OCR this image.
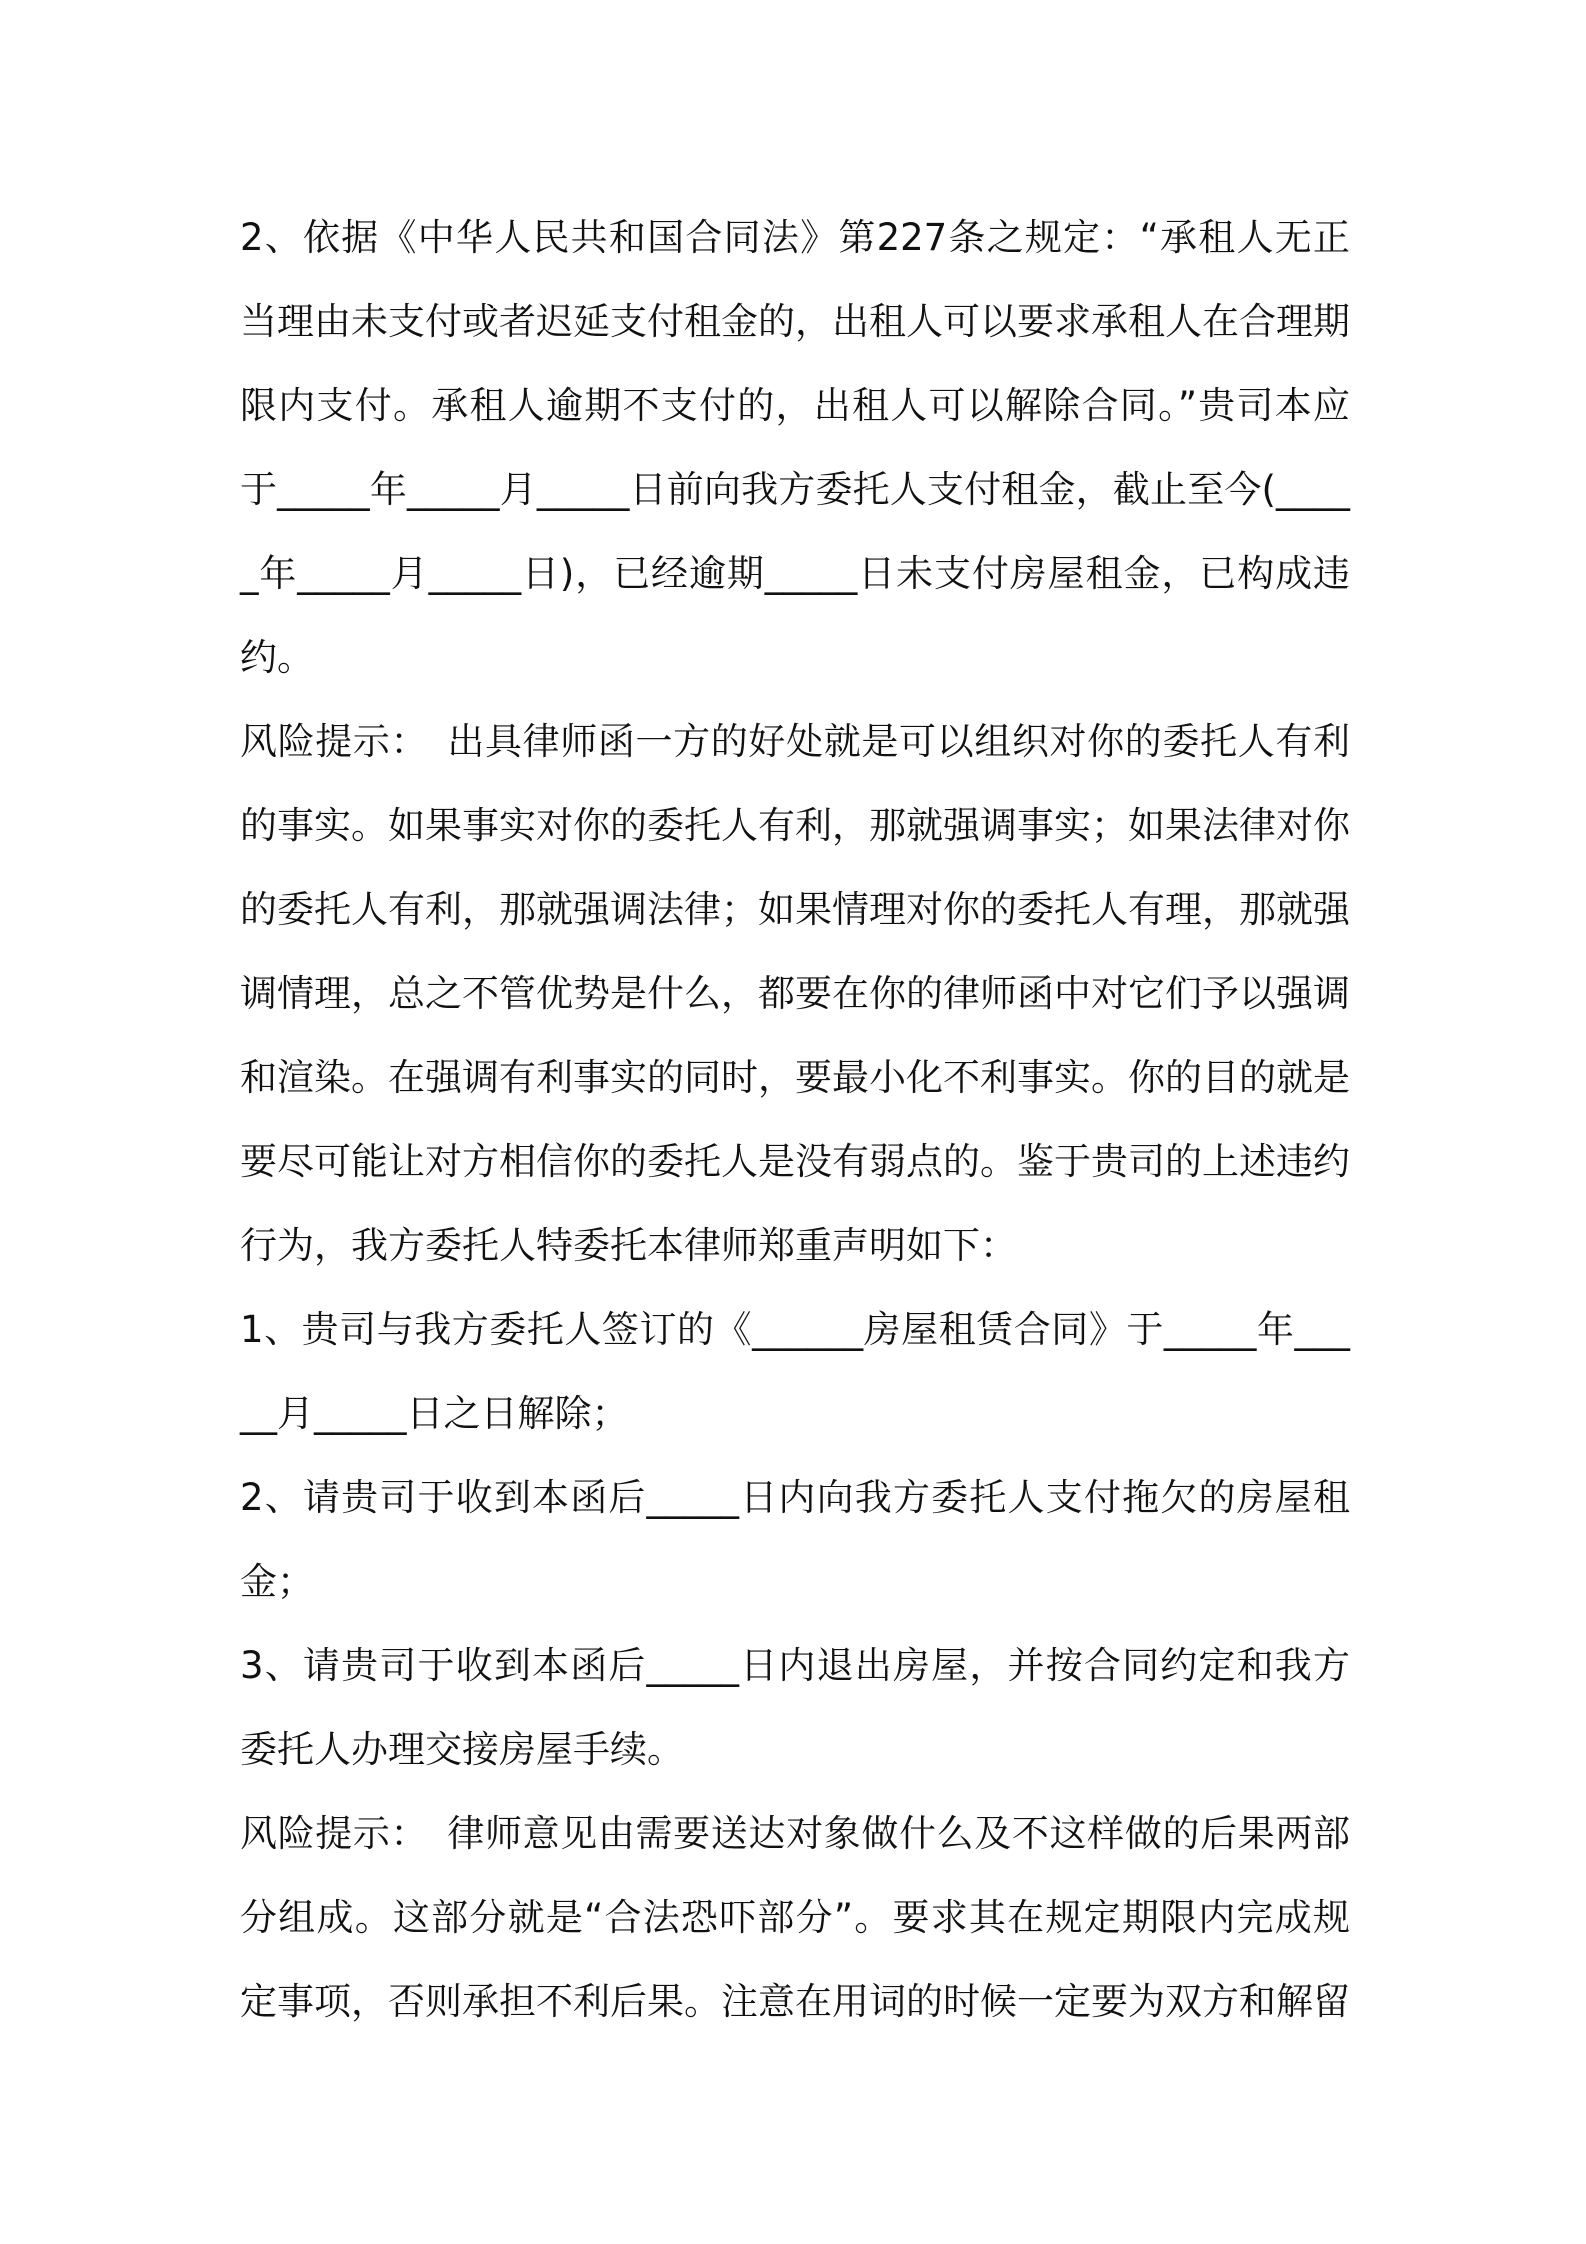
2、依据《中华人民共和国合同法》第227条之规定：“承租人无正当理由未支付或者迟延支付租金的，出租人可以要求承租人在合理期限内支付。承租人逾期不支付的，出租人可以解除合同。”贵司本应于_____年_____月_____日前向我方委托人支付租金，截止至今(_____年_____月_____日)，已经逾期_____日未支付房屋租金，已构成违约。

风险提示：　出具律师函一方的好处就是可以组织对你的委托人有利的事实。如果事实对你的委托人有利，那就强调事实；如果法律对你的委托人有利，那就强调法律；如果情理对你的委托人有理，那就强调情理，总之不管优势是什么，都要在你的律师函中对它们予以强调和渲染。在强调有利事实的同时，要最小化不利事实。你的目的就是要尽可能让对方相信你的委托人是没有弱点的。鉴于贵司的上述违约行为，我方委托人特委托本律师郑重声明如下：

1、贵司与我方委托人签订的《______房屋租赁合同》于_____年_____月_____日之日解除；

2、请贵司于收到本函后_____日内向我方委托人支付拖欠的房屋租金；

3、请贵司于收到本函后_____日内退出房屋，并按合同约定和我方委托人办理交接房屋手续。

风险提示：　律师意见由需要送达对象做什么及不这样做的后果两部分组成。这部分就是“合法恐吓部分”。要求其在规定期限内完成规定事项，否则承担不利后果。注意在用词的时候一定要为双方和解留
